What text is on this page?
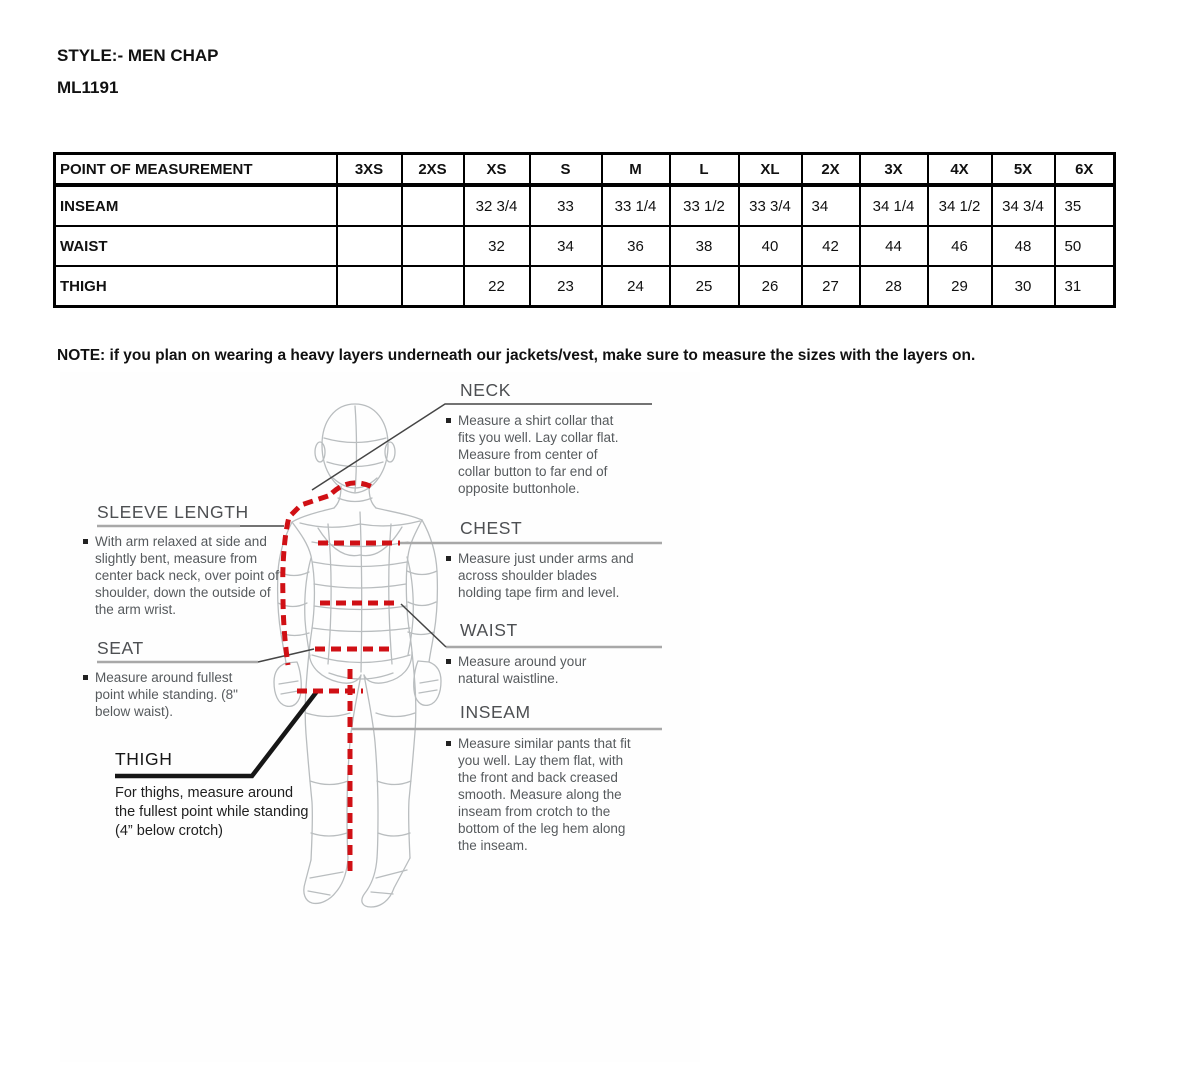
STYLE:- MEN CHAP
ML1191
POINT OF MEASUREMENT	3XS	2XS	XS	S	M	L	XL	2X	3X	4X	5X	6X
INSEAM			32 3/4	33	33 1/4	33 1/2	33 3/4	34	34 1/4	34 1/2	34 3/4	35
WAIST			32	34	36	38	40	42	44	46	48	50
THIGH			22	23	24	25	26	27	28	29	30	31

NOTE: if you plan on wearing a heavy layers underneath our jackets/vest, make sure to measure the sizes with the layers on.

NECK

Measure a shirt collar that fits you well. Lay collar flat. Measure from center of collar button to far end of opposite buttonhole.

CHEST

Measure just under arms and across shoulder blades holding tape firm and level.

WAIST

Measure around your natural waistline.

INSEAM

Measure similar pants that fit you well. Lay them flat, with the front and back creased smooth. Measure along the inseam from crotch to the bottom of the leg hem along the inseam.

SLEEVE LENGTH

With arm relaxed at side and slightly bent, measure from center back neck, over point of shoulder, down the outside of the arm wrist.

SEAT

Measure around fullest point while standing. (8" below waist).

THIGH

For thighs, measure around the fullest point while standing (4” below crotch)
